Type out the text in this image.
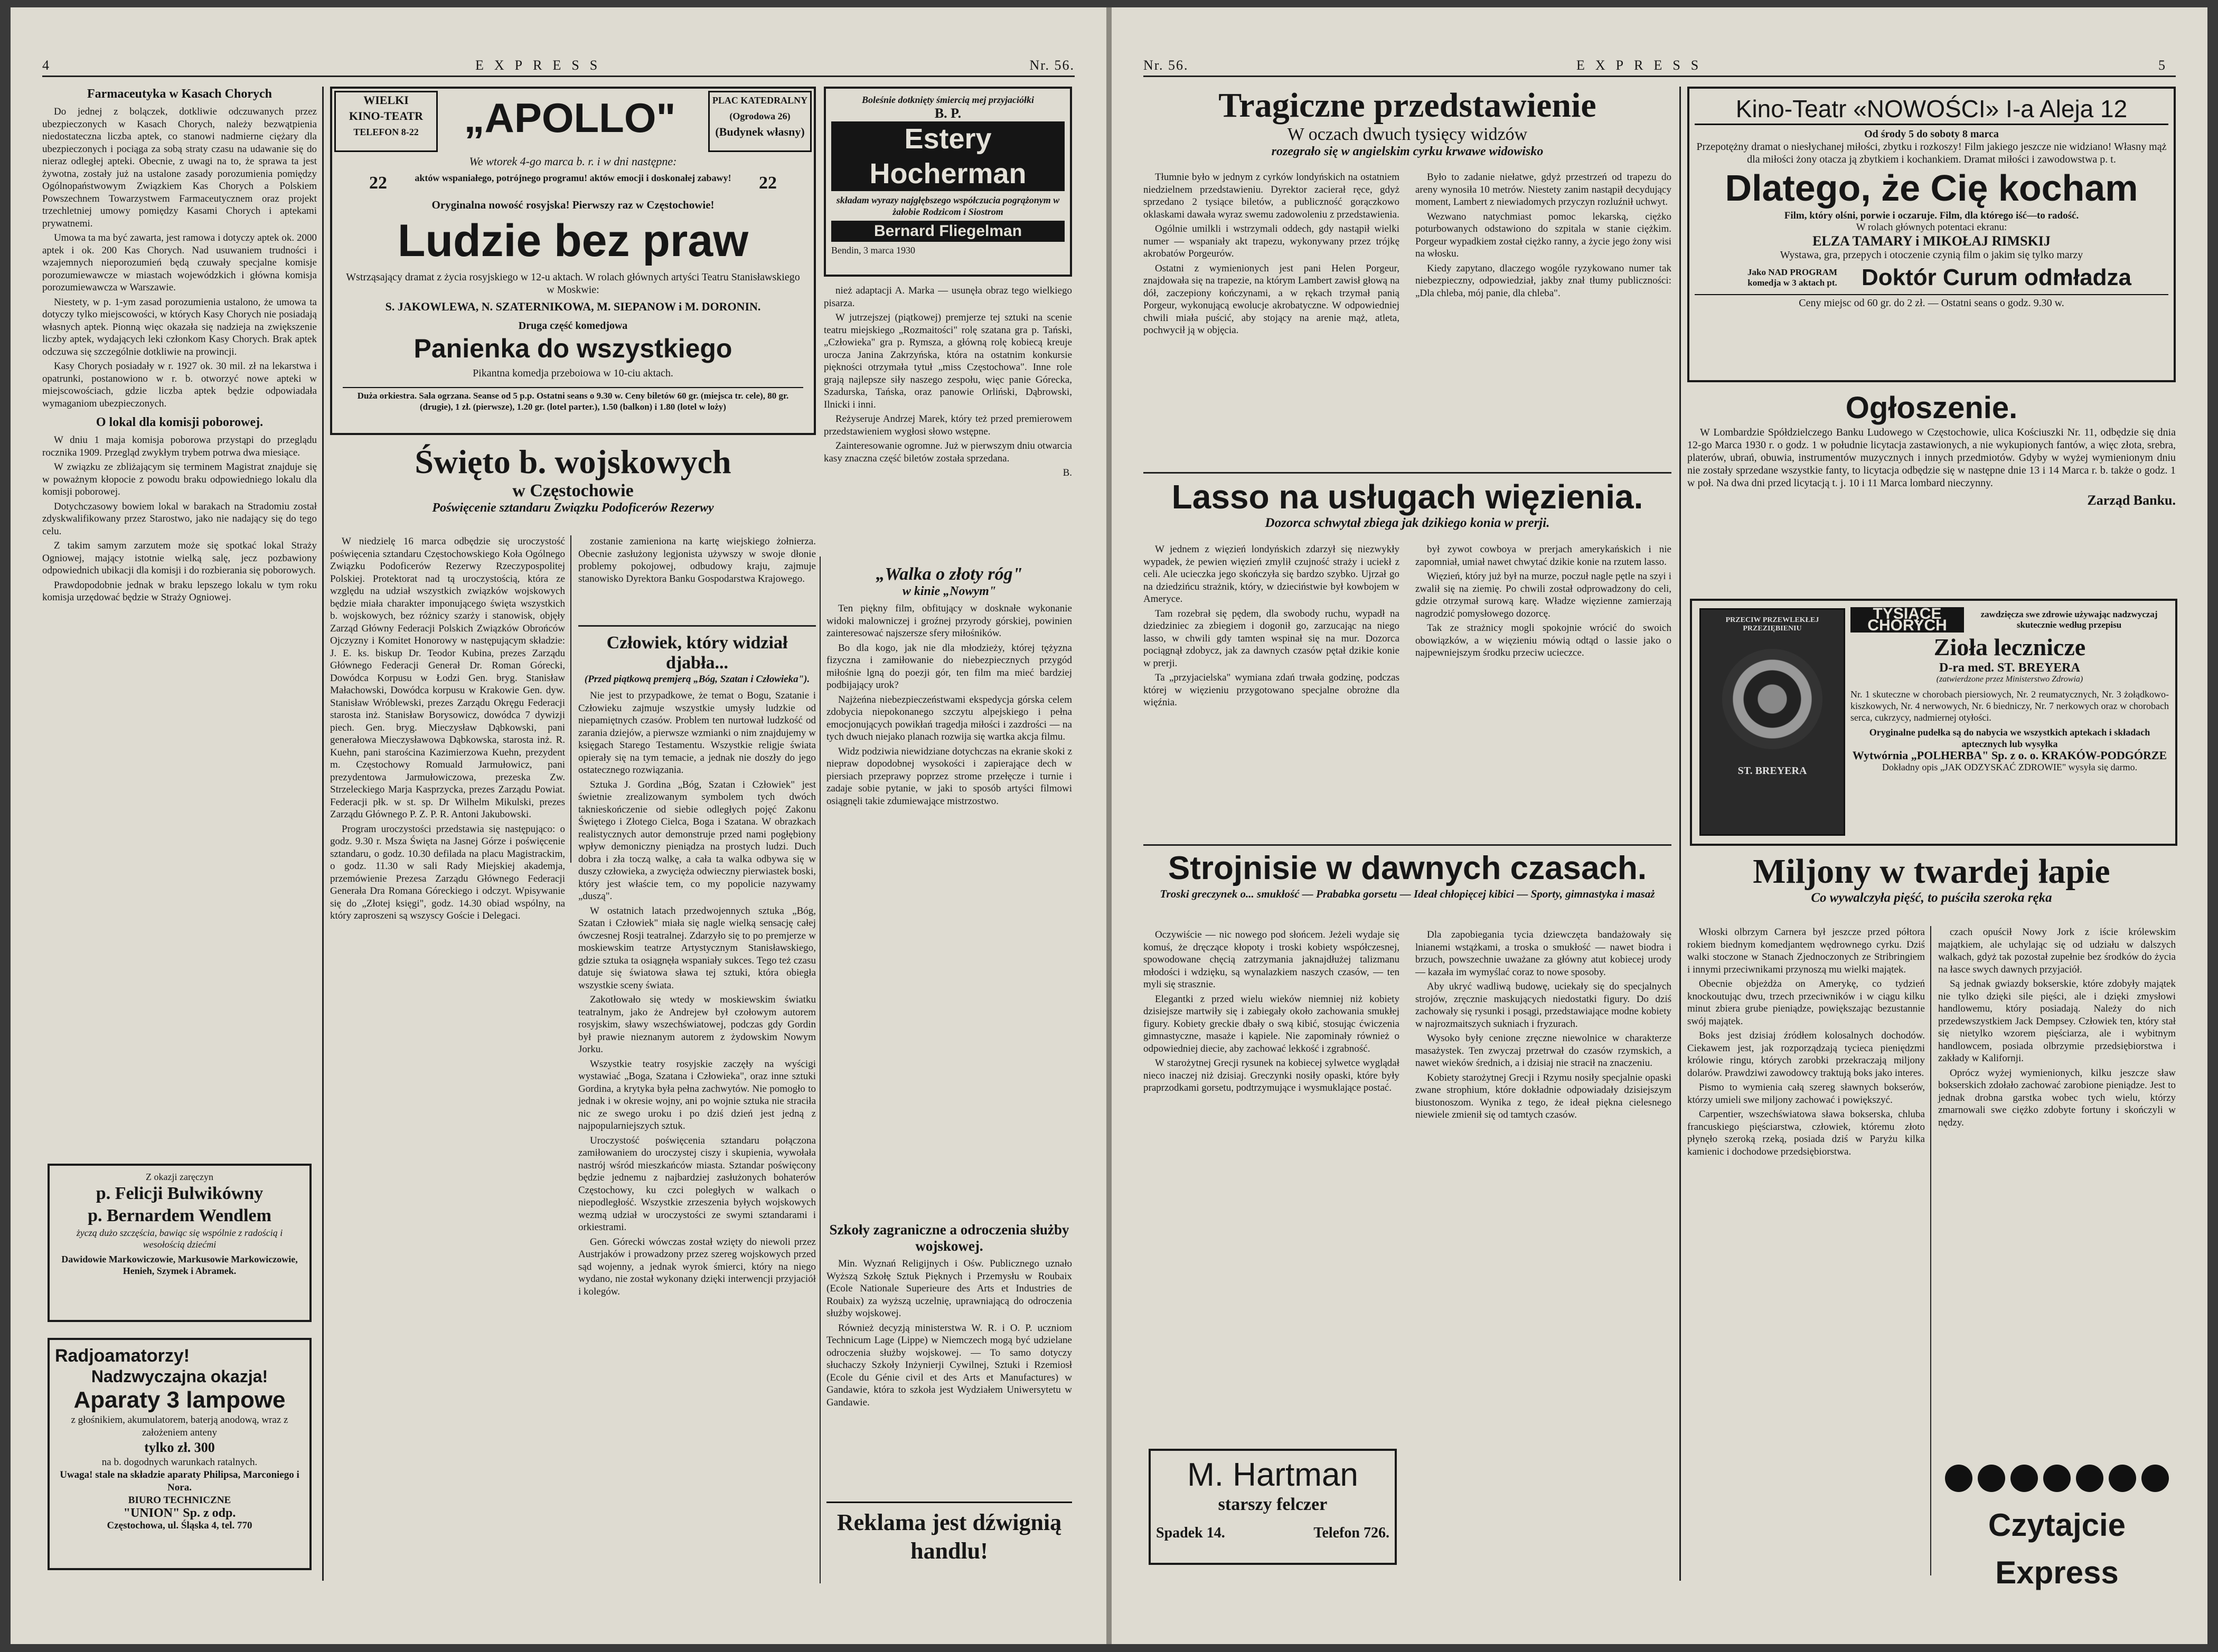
4	EXPRESS	Nr. 56.
Farmaceutyka w Kasach Chorych

Do jednej z bolączek, dotkliwie odczuwanych przez ubezpieczonych w Kasach Chorych, należy bezwątpienia niedostateczna liczba aptek, co stanowi nadmierne ciężary dla ubezpieczonych i pociąga za sobą straty czasu na udawanie się do nieraz odległej apteki. Obecnie, z uwagi na to, że sprawa ta jest żywotna, zostały już na ustalone zasady porozumienia pomiędzy Ogólnopaństwowym Związkiem Kas Chorych a Polskiem Powszechnem Towarzystwem Farmaceutycznem oraz projekt trzechletniej umowy pomiędzy Kasami Chorych i aptekami prywatnemi.

Umowa ta ma być zawarta, jest ramowa i dotyczy aptek ok. 2000 aptek i ok. 200 Kas Chorych. Nad usuwaniem trudności i wzajemnych nieporozumień będą czuwały specjalne komisje porozumiewawcze w miastach wojewódzkich i główna komisja porozumiewawcza w Warszawie.

Niestety, w p. 1-ym zasad porozumienia ustalono, że umowa ta dotyczy tylko miejscowości, w których Kasy Chorych nie posiadają własnych aptek. Pionną więc okazała się nadzieja na zwiększenie liczby aptek, wydających leki członkom Kasy Chorych. Brak aptek odczuwa się szczególnie dotkliwie na prowincji.

Kasy Chorych posiadały w r. 1927 ok. 30 mil. zł na lekarstwa i opatrunki, postanowiono w r. b. otworzyć nowe apteki w miejscowościach, gdzie liczba aptek będzie odpowiadała wymaganiom ubezpieczonych.

O lokal dla komisji poborowej.

W dniu 1 maja komisja poborowa przystąpi do przeglądu rocznika 1909. Przegląd zwykłym trybem potrwa dwa miesiące.

W związku ze zbliżającym się terminem Magistrat znajduje się w poważnym kłopocie z powodu braku odpowiedniego lokalu dla komisji poborowej.

Dotychczasowy bowiem lokal w barakach na Stradomiu został zdyskwalifikowany przez Starostwo, jako nie nadający się do tego celu.

Z takim samym zarzutem może się spotkać lokal Straży Ogniowej, mający istotnie wielką salę, jecz pozbawiony odpowiednich ubikacji dla komisji i do rozbierania się poborowych.

Prawdopodobnie jednak w braku lepszego lokalu w tym roku komisja urzędować będzie w Straży Ogniowej.

Z okazji zaręczyn
p. Felicji Bulwikówny
p. Bernardem Wendlem
życzą dużo szczęścia, bawiąc się wspólnie z radością i wesołością dziećmi
Dawidowie Markowiczowie, Markusowie Markowiczowie, Henieh, Szymek i Abramek.
Radjoamatorzy!
Nadzwyczajna okazja!
Aparaty 3 lampowe
z głośnikiem, akumulatorem, baterją anodową, wraz z założeniem anteny
tylko zł. 300
na b. dogodnych warunkach ratalnych.
Uwaga! stale na składzie aparaty Philipsa, Marconiego i Nora.
BIURO TECHNICZNE
"UNION" Sp. z odp.
Częstochowa, ul. Śląska 4, tel. 770
WIELKI
KINO-TEATR
TELEFON 8-22	„APOLLO"	PLAC KATEDRALNY
(Ogrodowa 26)
(Budynek własny)
We wtorek 4-go marca b. r. i w dni następne:
22	aktów wspaniałego, potrójnego programu! aktów emocji i doskonałej zabawy!	22
Oryginalna nowość rosyjska! Pierwszy raz w Częstochowie!
Ludzie bez praw
Wstrząsający dramat z życia rosyjskiego w 12-u aktach. W rolach głównych artyści Teatru Stanisławskiego w Moskwie:
S. JAKOWLEWA, N. SZATERNIKOWA, M. SIEPANOW i M. DORONIN.
Druga część komedjowa
Panienka do wszystkiego
Pikantna komedja przeboiowa w 10-ciu aktach.
Duża orkiestra. Sala ogrzana. Seanse od 5 p.p. Ostatni seans o 9.30 w. Ceny biletów 60 gr. (miejsca tr. cele), 80 gr. (drugie), 1 zł. (pierwsze), 1.20 gr. (lotel parter.), 1.50 (balkon) i 1.80 (lotel w loży)
Boleśnie dotknięty śmiercią mej przyjaciółki
B. P.
Estery Hocherman
składam wyrazy najgłębszego współczucia pogrążonym w żałobie Rodzicom i Siostrom
Bernard Fliegelman
Bendin, 3 marca 1930

nież adaptacji A. Marka — usunęła obraz tego wielkiego pisarza.

W jutrzejszej (piątkowej) premjerze tej sztuki na scenie teatru miejskiego „Rozmaitości" rolę szatana gra p. Tański, „Człowieka" gra p. Rymsza, a główną rolę kobiecą kreuje urocza Janina Zakrzyńska, która na ostatnim konkursie piękności otrzymała tytuł „miss Częstochowa". Inne role grają najlepsze siły naszego zespołu, więc panie Górecka, Szadurska, Tańska, oraz panowie Orliński, Dąbrowski, Ilnicki i inni.

Reżyseruje Andrzej Marek, który też przed premierowem przedstawieniem wygłosi słowo wstępne.

Zainteresowanie ogromne. Już w pierwszym dniu otwarcia kasy znaczna część biletów została sprzedana.

B.
Święto b. wojskowych
w Częstochowie
Poświęcenie sztandaru Związku Podoficerów Rezerwy

W niedzielę 16 marca odbędzie się uroczystość poświęcenia sztandaru Częstochowskiego Koła Ogólnego Związku Podoficerów Rezerwy Rzeczypospolitej Polskiej. Protektorat nad tą uroczystością, która ze względu na udział wszystkich związków wojskowych będzie miała charakter imponującego święta wszystkich b. wojskowych, bez różnicy szarży i stanowisk, objęły Zarząd Główny Federacji Polskich Związków Obrońców Ojczyzny i Komitet Honorowy w następującym składzie: J. E. ks. biskup Dr. Teodor Kubina, prezes Zarządu Głównego Federacji Generał Dr. Roman Górecki, Dowódca Korpusu w Łodzi Gen. bryg. Stanisław Małachowski, Dowódca korpusu w Krakowie Gen. dyw. Stanisław Wróblewski, prezes Zarządu Okręgu Federacji starosta inż. Stanisław Borysowicz, dowódca 7 dywizji piech. Gen. bryg. Mieczysław Dąbkowski, pani generałowa Mieczysławowa Dąbkowska, starosta inż. R. Kuehn, pani starościna Kazimierzowa Kuehn, prezydent m. Częstochowy Romuald Jarmułowicz, pani prezydentowa Jarmułowiczowa, prezeska Zw. Strzeleckiego Marja Kasprzycka, prezes Zarządu Powiat. Federacji płk. w st. sp. Dr Wilhelm Mikulski, prezes Zarządu Głównego P. Z. P. R. Antoni Jakubowski.

Program uroczystości przedstawia się następująco: o godz. 9.30 r. Msza Święta na Jasnej Górze i poświęcenie sztandaru, o godz. 10.30 defilada na placu Magistrackim, o godz. 11.30 w sali Rady Miejskiej akademja, przemówienie Prezesa Zarządu Głównego Federacji Generała Dra Romana Góreckiego i odczyt. Wpisywanie się do „Złotej księgi", godz. 14.30 obiad wspólny, na który zaproszeni są wszyscy Goście i Delegaci.

zostanie zamieniona na kartę wiejskiego żołnierza. Obecnie zasłużony legjonista używszy w swoje dłonie problemy pokojowej, odbudowy kraju, zajmuje stanowisko Dyrektora Banku Gospodarstwa Krajowego.

Człowiek, który widział djabła...
(Przed piątkową premjerą „Bóg, Szatan i Człowieka").

Nie jest to przypadkowe, że temat o Bogu, Szatanie i Człowieku zajmuje wszystkie umysły ludzkie od niepamiętnych czasów. Problem ten nurtował ludzkość od zarania dziejów, a pierwsze wzmianki o nim znajdujemy w księgach Starego Testamentu. Wszystkie religje świata opierały się na tym temacie, a jednak nie doszły do jego ostatecznego rozwiązania.

Sztuka J. Gordina „Bóg, Szatan i Człowiek" jest świetnie zrealizowanym symbolem tych dwóch taknieskończenie od siebie odległych pojęć Zakonu Świętego i Złotego Cielca, Boga i Szatana. W obrazkach realistycznych autor demonstruje przed nami pogłębiony wpływ demoniczny pieniądza na prostych ludzi. Duch dobra i zła toczą walkę, a cała ta walka odbywa się w duszy człowieka, a zwycięża odwieczny pierwiastek boski, który jest właście tem, co my popolicie nazywamy „duszą".

W ostatnich latach przedwojennych sztuka „Bóg, Szatan i Człowiek" miała się nagle wielką sensację całej ówczesnej Rosji teatralnej. Zdarzyło się to po premjerze w moskiewskim teatrze Artystycznym Stanisławskiego, gdzie sztuka ta osiągnęła wspaniały sukces. Tego też czasu datuje się światowa sława tej sztuki, która obiegła wszystkie sceny świata.

Zakotłowało się wtedy w moskiewskim światku teatralnym, jako że Andrejew był czołowym autorem rosyjskim, sławy wszechświatowej, podczas gdy Gordin był prawie nieznanym autorem z żydowskim Nowym Jorku.

Wszystkie teatry rosyjskie zaczęły na wyścigi wystawiać „Boga, Szatana i Człowieka", oraz inne sztuki Gordina, a krytyka była pełna zachwytów. Nie pomogło to jednak i w okresie wojny, ani po wojnie sztuka nie straciła nic ze swego uroku i po dziś dzień jest jedną z najpopularniejszych sztuk.

Uroczystość poświęcenia sztandaru połączona zamiłowaniem do uroczystej ciszy i skupienia, wywołała nastrój wśród mieszkańców miasta. Sztandar poświęcony będzie jednemu z najbardziej zasłużonych bohaterów Częstochowy, ku czci poległych w walkach o niepodległość. Wszystkie zrzeszenia byłych wojskowych wezmą udział w uroczystości ze swymi sztandarami i orkiestrami.

Gen. Górecki wówczas został wzięty do niewoli przez Austrjaków i prowadzony przez szereg wojskowych przed sąd wojenny, a jednak wyrok śmierci, który na niego wydano, nie został wykonany dzięki interwencji przyjaciół i kolegów.

„Walka o złoty róg"
w kinie „Nowym"

Ten piękny film, obfitujący w dosknałe wykonanie widoki malowniczej i groźnej przyrody górskiej, powinien zainteresować najszersze sfery miłośników.

Bo dla kogo, jak nie dla młodzieży, której tężyzna fizyczna i zamiłowanie do niebezpiecznych przygód miłośnie lgną do poezji gór, ten film ma mieć bardziej podbijający urok?

Najżeńna niebezpieczeństwami ekspedycja górska celem zdobycia niepokonanego szczytu alpejskiego i pełna emocjonujących powikłań tragedja miłości i zazdrości — na tych dwuch niejako planach rozwija się wartka akcja filmu.

Widz podziwia niewidziane dotychczas na ekranie skoki z niepraw dopodobnej wysokości i zapierające dech w piersiach przeprawy poprzez strome przełęcze i turnie i zadaje sobie pytanie, w jaki to sposób artyści filmowi osiągnęli takie zdumiewające mistrzostwo.

Szkoły zagraniczne a odroczenia służby wojskowej.

Min. Wyznań Religijnych i Ośw. Publicznego uznało Wyższą Szkołę Sztuk Pięknych i Przemysłu w Roubaix (Ecole Nationale Superieure des Arts et Industries de Roubaix) za wyższą uczelnię, uprawniającą do odroczenia służby wojskowej.

Również decyzją ministerstwa W. R. i O. P. uczniom Technicum Lage (Lippe) w Niemczech mogą być udzielane odroczenia służby wojskowej. — To samo dotyczy słuchaczy Szkoły Inżynierji Cywilnej, Sztuki i Rzemiosł (Ecole du Génie civil et des Arts et Manufactures) w Gandawie, która to szkoła jest Wydziałem Uniwersytetu w Gandawie.

Reklama jest dźwignią handlu!
Nr. 56.	EXPRESS	5
Tragiczne przedstawienie
W oczach dwuch tysięcy widzów
rozegrało się w angielskim cyrku krwawe widowisko

Tłumnie było w jednym z cyrków londyńskich na ostatniem niedzielnem przedstawieniu. Dyrektor zacierał ręce, gdyż sprzedano 2 tysiące biletów, a publiczność gorączkowo oklaskami dawała wyraz swemu zadowoleniu z przedstawienia.

Ogólnie umilkli i wstrzymali oddech, gdy nastąpił wielki numer — wspaniały akt trapezu, wykonywany przez trójkę akrobatów Porgeurów.

Ostatni z wymienionych jest pani Helen Porgeur, znajdowała się na trapezie, na którym Lambert zawisł głową na dół, zaczepiony kończynami, a w rękach trzymał panią Porgeur, wykonującą ewolucje akrobatyczne. W odpowiedniej chwili miała puścić, aby stojący na arenie mąż, atleta, pochwycił ją w objęcia.

Było to zadanie niełatwe, gdyż przestrzeń od trapezu do areny wynosiła 10 metrów. Niestety zanim nastąpił decydujący moment, Lambert z niewiadomych przyczyn rozluźnił uchwyt.

Wezwano natychmiast pomoc lekarską, ciężko poturbowanych odstawiono do szpitala w stanie ciężkim. Porgeur wypadkiem został ciężko ranny, a życie jego żony wisi na włosku.

Kiedy zapytano, dlaczego wogóle ryzykowano numer tak niebezpieczny, odpowiedział, jakby znał tłumy publiczności: „Dla chleba, mój panie, dla chleba".

Lasso na usługach więzienia.
Dozorca schwytał zbiega jak dzikiego konia w prerji.

W jednem z więzień londyńskich zdarzył się niezwykły wypadek, że pewien więzień zmylił czujność straży i uciekł z celi. Ale ucieczka jego skończyła się bardzo szybko. Ujrzał go na dziedzińcu strażnik, który, w dzieciństwie był kowbojem w Ameryce.

Tam rozebrał się pędem, dla swobody ruchu, wypadł na dziedziniec za zbiegiem i dogonił go, zarzucając na niego lasso, w chwili gdy tamten wspinał się na mur. Dozorca pociągnął zdobycz, jak za dawnych czasów pętał dzikie konie w prerji.

Ta „przyjacielska" wymiana zdań trwała godzinę, podczas której w więzieniu przygotowano specjalne obrożne dla więźnia.

był zywot cowboya w prerjach amerykańskich i nie zapomniał, umiał nawet chwytać dzikie konie na rzutem lasso.

Więzień, który już był na murze, poczuł nagle pętle na szyi i zwalił się na ziemię. Po chwili został odprowadzony do celi, gdzie otrzymał surową karę. Władze więzienne zamierzają nagrodzić pomysłowego dozorcę.

Tak ze strażnicy mogli spokojnie wrócić do swoich obowiązków, a w więzieniu mówią odtąd o lassie jako o najpewniejszym środku przeciw ucieczce.

Strojnisie w dawnych czasach.
Troski greczynek o... smukłość — Prababka gorsetu — Ideał chłopięcej kibici — Sporty, gimnastyka i masaż

Oczywiście — nic nowego pod słońcem. Jeżeli wydaje się komuś, że dręczące kłopoty i troski kobiety współczesnej, spowodowane chęcią zatrzymania jaknajdłużej talizmanu młodości i wdzięku, są wynalazkiem naszych czasów, — ten myli się strasznie.

Elegantki z przed wielu wieków niemniej niż kobiety dzisiejsze martwiły się i zabiegały około zachowania smukłej figury. Kobiety greckie dbały o swą kibić, stosując ćwiczenia gimnastyczne, masaże i kąpiele. Nie zapominały również o odpowiedniej diecie, aby zachować lekkość i zgrabność.

W starożytnej Grecji rysunek na kobiecej sylwetce wyglądał nieco inaczej niż dzisiaj. Greczynki nosiły opaski, które były praprzodkami gorsetu, podtrzymujące i wysmuklające postać.

M. Hartman
starszy felczer
Spadek 14.	Telefon 726.

Dla zapobiegania tycia dziewczęta bandażowały się lnianemi wstążkami, a troska o smukłość — nawet biodra i brzuch, powszechnie uważane za główny atut kobiecej urody — kazała im wymyślać coraz to nowe sposoby.

Aby ukryć wadliwą budowę, uciekały się do specjalnych strojów, zręcznie maskujących niedostatki figury. Do dziś zachowały się rysunki i posągi, przedstawiające modne kobiety w najrozmaitszych sukniach i fryzurach.

Wysoko były cenione zręczne niewolnice w charakterze masażystek. Ten zwyczaj przetrwał do czasów rzymskich, a nawet wieków średnich, a i dzisiaj nie stracił na znaczeniu.

Kobiety starożytnej Grecji i Rzymu nosiły specjalnie opaski zwane strophium, które dokładnie odpowiadały dzisiejszym biustonoszom. Wynika z tego, że ideał piękna cielesnego niewiele zmienił się od tamtych czasów.

Kino-Teatr «NOWOŚCI» I-a Aleja 12
Od środy 5 do soboty 8 marca
Przepotężny dramat o niesłychanej miłości, zbytku i rozkoszy! Film jakiego jeszcze nie widziano! Własny mąż dla miłości żony otacza ją zbytkiem i kochankiem. Dramat miłości i zawodowstwa p. t.
Dlatego, że Cię kocham
Film, który olśni, porwie i oczaruje. Film, dla którego iść—to radość.
W rolach głównych potentaci ekranu:
ELZA TAMARY i MIKOŁAJ RIMSKIJ
Wystawa, gra, przepych i otoczenie czynią film o jakim się tylko marzy
Jako NAD PROGRAM komedja w 3 aktach pt.	Doktór Curum odmładza
Ceny miejsc od 60 gr. do 2 zł. — Ostatni seans o godz. 9.30 w.
Ogłoszenie.
W Lombardzie Spółdzielczego Banku Ludowego w Częstochowie, ulica Kościuszki Nr. 11, odbędzie się dnia 12-go Marca 1930 r. o godz. 1 w południe licytacja zastawionych, a nie wykupionych fantów, a więc złota, srebra, platerów, ubrań, obuwia, instrumentów muzycznych i innych przedmiotów. Gdyby w wyżej wymienionym dniu nie zostały sprzedane wszystkie fanty, to licytacja odbędzie się w następne dnie 13 i 14 Marca r. b. także o godz. 1 w poł. Na dwa dni przed licytacją t. j. 10 i 11 Marca lombard nieczynny.
Zarząd Banku.
PRZECIW PRZEWLEKŁEJ PRZEZIĘBIENIU
ST. BREYERA
TYSIĄCE CHORYCH
zawdzięcza swe zdrowie używając nadzwyczaj skutecznie według przepisu
Zioła lecznicze
D-ra med. ST. BREYERA
(zatwierdzone przez Ministerstwo Zdrowia)
Nr. 1 skuteczne w chorobach piersiowych, Nr. 2 reumatycznych, Nr. 3 żołądkowo-kiszkowych, Nr. 4 nerwowych, Nr. 6 biedniczy, Nr. 7 nerkowych oraz w chorobach serca, cukrzycy, nadmiernej otyłości.
Oryginalne pudełka są do nabycia we wszystkich aptekach i składach aptecznych lub wysyłka
Wytwórnia „POLHERBA" Sp. z o. o. KRAKÓW-PODGÓRZE
Dokładny opis „JAK ODZYSKAĆ ZDROWIE" wysyła się darmo.
Miljony w twardej łapie
Co wywalczyła pięść, to puściła szeroka ręka

Włoski olbrzym Carnera był jeszcze przed półtora rokiem biednym komedjantem wędrownego cyrku. Dziś walki stoczone w Stanach Zjednoczonych ze Stribringiem i innymi przeciwnikami przynoszą mu wielki majątek.

Obecnie objeżdża on Amerykę, co tydzień knockoutując dwu, trzech przeciwników i w ciągu kilku minut zbiera grube pieniądze, powiększając bezustannie swój majątek.

Boks jest dzisiaj źródłem kolosalnych dochodów. Ciekawem jest, jak rozporządzają tycieca pieniędzmi królowie ringu, których zarobki przekraczają miljony dolarów. Prawdziwi zawodowcy traktują boks jako interes.

Pismo to wymienia całą szereg sławnych bokserów, którzy umieli swe miljony zachować i powiększyć.

Carpentier, wszechświatowa sława bokserska, chluba francuskiego pięściarstwa, człowiek, któremu złoto płynęło szeroką rzeką, posiada dziś w Paryżu kilka kamienic i dochodowe przedsiębiorstwa.

czach opuścił Nowy Jork z iście królewskim majątkiem, ale uchylając się od udziału w dalszych walkach, gdyż tak pozostał zupełnie bez środków do życia na łasce swych dawnych przyjaciół.

Są jednak gwiazdy bokserskie, które zdobyły majątek nie tylko dzięki sile pięści, ale i dzięki zmysłowi handlowemu, który posiadają. Należy do nich przedewszystkiem Jack Dempsey. Człowiek ten, który stał się nietylko wzorem pięściarza, ale i wybitnym handlowcem, posiada olbrzymie przedsiębiorstwa i zakłady w Kalifornji.

Oprócz wyżej wymienionych, kilku jeszcze sław bokserskich zdołało zachować zarobione pieniądze. Jest to jednak drobna garstka wobec tych wielu, którzy zmarnowali swe ciężko zdobyte fortuny i skończyli w nędzy.

Czytajcie Express
